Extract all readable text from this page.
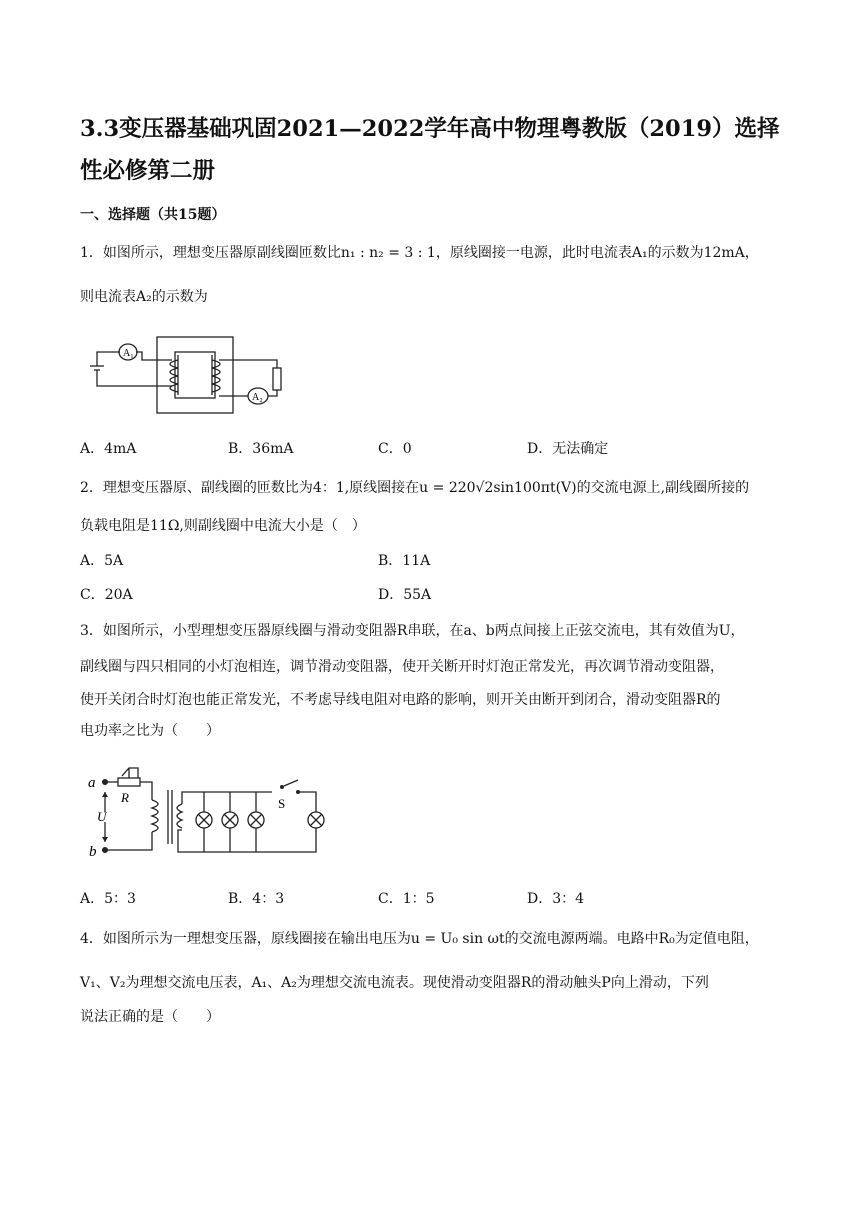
3.3变压器基础巩固2021—2022学年高中物理粤教版（2019）选择性必修第二册
一、选择题（共15题）
1．如图所示，理想变压器原副线圈匝数比n₁ : n₂ = 3 : 1，原线圈接一电源，此时电流表A₁的示数为12mA，
则电流表A₂的示数为
A₁
A₂
A．4mA	B．36mA	C．0	D．无法确定
2．理想变压器原、副线圈的匝数比为4：1,原线圈接在u = 220√2sin100πt(V)的交流电源上,副线圈所接的
负载电阻是11Ω,则副线圈中电流大小是（　）
A．5A	B．11A
C．20A	D．55A
3．如图所示，小型理想变压器原线圈与滑动变阻器R串联，在a、b两点间接上正弦交流电，其有效值为U，
副线圈与四只相同的小灯泡相连，调节滑动变阻器，使开关断开时灯泡正常发光，再次调节滑动变阻器，
使开关闭合时灯泡也能正常发光，不考虑导线电阻对电路的影响，则开关由断开到闭合，滑动变阻器R的
电功率之比为（　　）
a
b
R
U
S
A．5：3	B．4：3	C．1：5	D．3：4
4．如图所示为一理想变压器，原线圈接在输出电压为u = U₀ sin ωt的交流电源两端。电路中R₀为定值电阻，
V₁、V₂为理想交流电压表，A₁、A₂为理想交流电流表。现使滑动变阻器R的滑动触头P向上滑动，下列
说法正确的是（　　）
